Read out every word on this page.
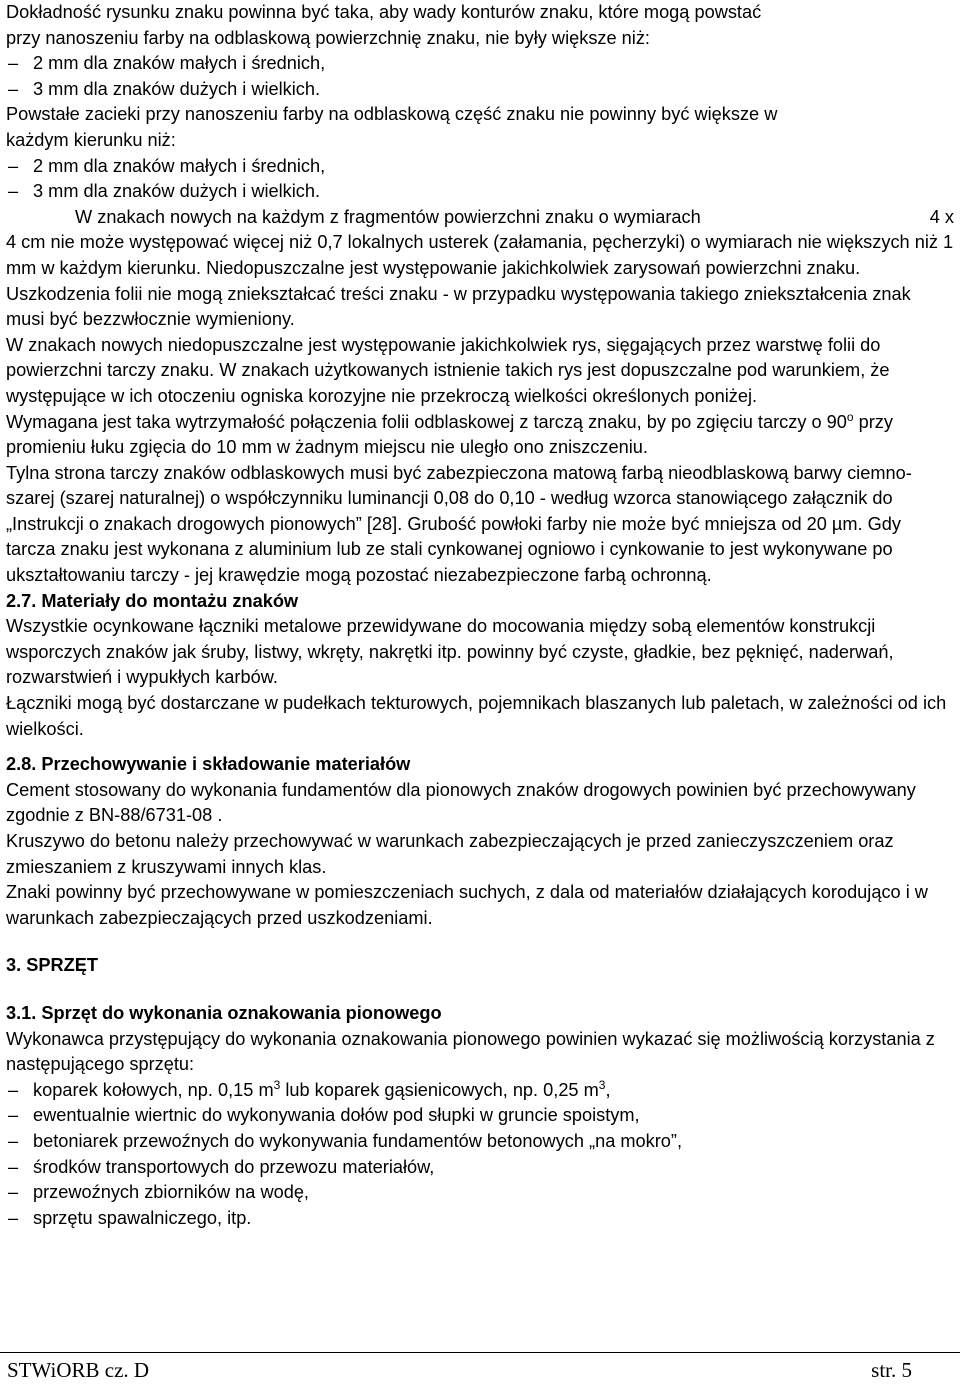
Dokładność rysunku znaku powinna być taka, aby wady konturów znaku, które mogą powstać
przy nanoszeniu farby na odblaskową powierzchnię znaku, nie były większe niż:

– 2 mm dla znaków małych i średnich,

– 3 mm dla znaków dużych i wielkich.

Powstałe zacieki przy nanoszeniu farby na odblaskową część znaku nie powinny być większe w
każdym kierunku niż:

– 2 mm dla znaków małych i średnich,

– 3 mm dla znaków dużych i wielkich.

W znakach nowych na każdym z fragmentów powierzchni znaku o wymiarach	4 x
4 cm nie może występować więcej niż 0,7 lokalnych usterek (załamania, pęcherzyki) o wymiarach nie większych niż 1 mm w każdym kierunku. Niedopuszczalne jest występowanie jakichkolwiek zarysowań powierzchni znaku.

Uszkodzenia folii nie mogą zniekształcać treści znaku - w przypadku występowania takiego zniekształcenia znak musi być bezzwłocznie wymieniony.

W znakach nowych niedopuszczalne jest występowanie jakichkolwiek rys, sięgających przez warstwę folii do powierzchni tarczy znaku. W znakach użytkowanych istnienie takich rys jest dopuszczalne pod warunkiem, że występujące w ich otoczeniu ogniska korozyjne nie przekroczą wielkości określonych poniżej.

Wymagana jest taka wytrzymałość połączenia folii odblaskowej z tarczą znaku, by po zgięciu tarczy o 90$^o$ przy promieniu łuku zgięcia do 10 mm w żadnym miejscu nie uległo ono zniszczeniu.

Tylna strona tarczy znaków odblaskowych musi być zabezpieczona matową farbą nieodblaskową barwy ciemno-szarej (szarej naturalnej) o współczynniku luminancji 0,08 do 0,10 - według wzorca stanowiącego załącznik do „Instrukcji o znakach drogowych pionowych” [28]. Grubość powłoki farby nie może być mniejsza od 20 µm. Gdy tarcza znaku jest wykonana z aluminium lub ze stali cynkowanej ogniowo i cynkowanie to jest wykonywane po ukształtowaniu tarczy - jej krawędzie mogą pozostać niezabezpieczone farbą ochronną.

2.7. Materiały do montażu znaków

Wszystkie ocynkowane łączniki metalowe przewidywane do mocowania między sobą elementów konstrukcji wsporczych znaków jak śruby, listwy, wkręty, nakrętki itp. powinny być czyste, gładkie, bez pęknięć, naderwań, rozwarstwień i wypukłych karbów.

Łączniki mogą być dostarczane w pudełkach tekturowych, pojemnikach blaszanych lub paletach, w zależności od ich wielkości.

2.8. Przechowywanie i składowanie materiałów

Cement stosowany do wykonania fundamentów dla pionowych znaków drogowych powinien być przechowywany zgodnie z BN-88/6731-08 .

Kruszywo do betonu należy przechowywać w warunkach zabezpieczających je przed zanieczyszczeniem oraz zmieszaniem z kruszywami innych klas.

Znaki powinny być przechowywane w pomieszczeniach suchych, z dala od materiałów działających korodująco i w warunkach zabezpieczających przed uszkodzeniami.

3. SPRZĘT

3.1. Sprzęt do wykonania oznakowania pionowego

Wykonawca przystępujący do wykonania oznakowania pionowego powinien wykazać się możliwością korzystania z następującego sprzętu:

– koparek kołowych, np. 0,15 $m^3$ lub koparek gąsienicowych, np. 0,25 $m^3$,

– ewentualnie wiertnic do wykonywania dołów pod słupki w gruncie spoistym,

– betoniarek przewoźnych do wykonywania fundamentów betonowych „na mokro”,

– środków transportowych do przewozu materiałów,

– przewoźnych zbiorników na wodę,

– sprzętu spawalniczego, itp.

STWiORB cz. D	str. 5
